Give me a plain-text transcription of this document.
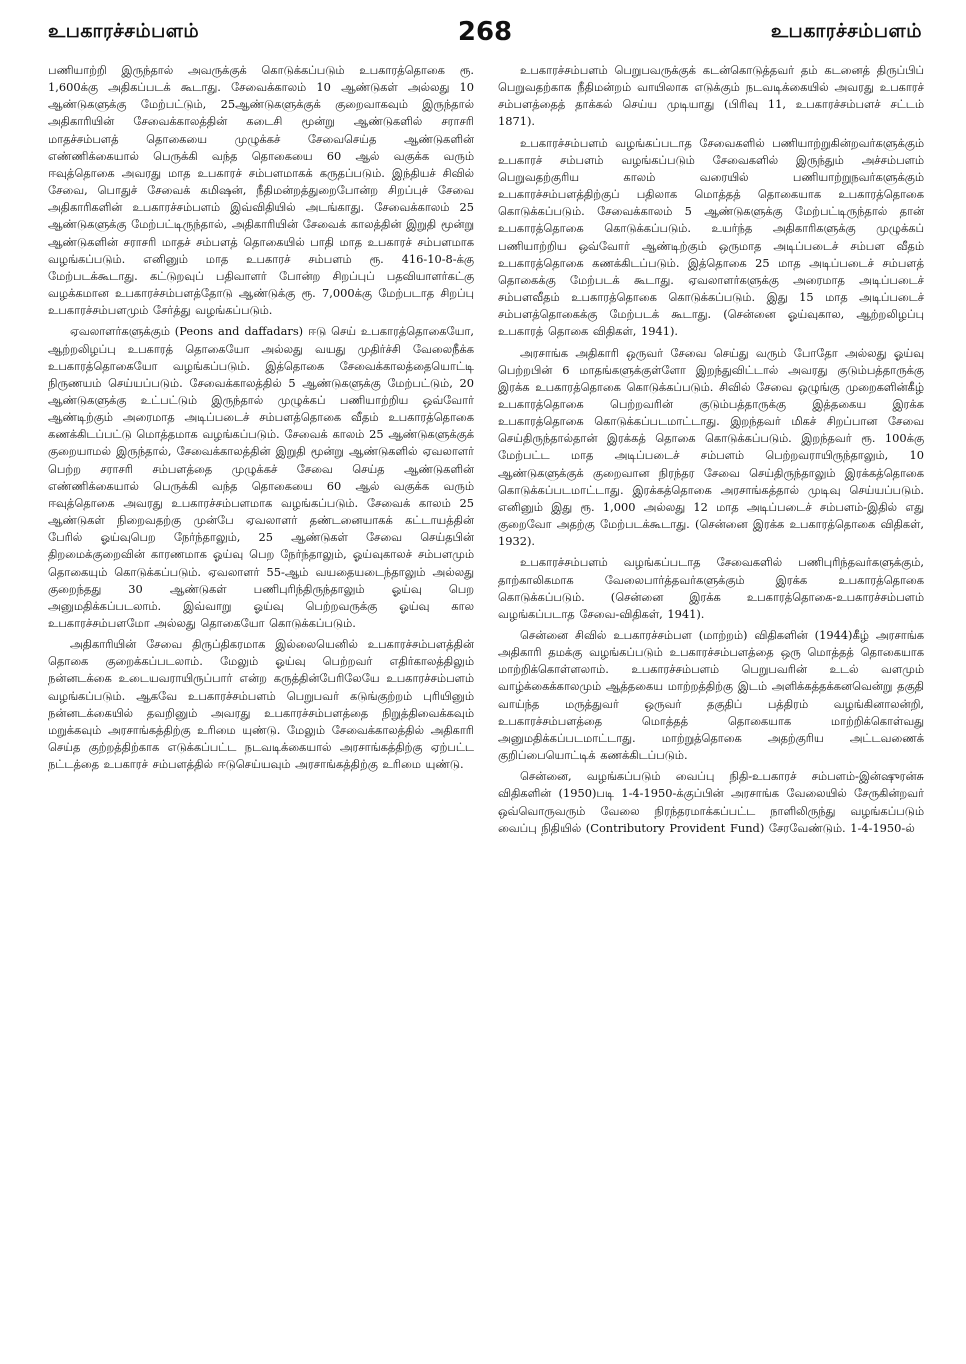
உபகாரச்சம்பளம்	268	உபகாரச்சம்பளம்

பணியாற்றி இருந்தால் அவருக்குக் கொடுக்கப்படும் உபகாரத்தொகை ரூ. 1,600க்கு அதிகப்படக் கூடாது. சேவைக்காலம் 10 ஆண்டுகள் அல்லது 10 ஆண்டுகளுக்கு மேற்பட்டும், 25ஆண்டுகளுக்குக் குறைவாகவும் இருந்தால் அதிகாரியின் சேவைக்காலத்தின் கடைசி மூன்று ஆண்டுகளில் சராசரி மாதச்சம்பளத் தொகையை முழுக்கச் சேவைசெய்த ஆண்டுகளின் எண்ணிக்கையால் பெருக்கி வந்த தொகையை 60 ஆல் வகுக்க வரும் ஈவுத்தொகை அவரது மாத உபகாரச் சம்பளமாகக் கருதப்படும். இந்தியச் சிவில் சேவை, பொதுச் சேவைக் கமிஷன், நீதிமன்றத்துறைபோன்ற சிறப்புச் சேவை அதிகாரிகளின் உபகாரச்சம்பளம் இவ்விதியில் அடங்காது. சேவைக்காலம் 25 ஆண்டுகளுக்கு மேற்பட்டிருந்தால், அதிகாரியின் சேவைக் காலத்தின் இறுதி மூன்று ஆண்டுகளின் சராசரி மாதச் சம்பளத் தொகையில் பாதி மாத உபகாரச் சம்பளமாக வழங்கப்படும். எனினும் மாத உபகாரச் சம்பளம் ரூ. 416-10-8-க்கு மேற்படக்கூடாது. கட்டுறவுப் பதிவாளர் போன்ற சிறப்புப் பதவியாளர்கட்கு வழக்கமான உபகாரச்சம்பளத்தோடு ஆண்டுக்கு ரூ. 7,000க்கு மேற்படாத சிறப்பு உபகாரச்சம்பளமும் சேர்த்து வழங்கப்படும்.

ஏவலாளர்களுக்கும் (Peons and daffadars) ஈடு செய் உபகாரத்தொகையோ, ஆற்றலிழப்பு உபகாரத் தொகையோ அல்லது வயது முதிர்ச்சி வேலைநீக்க உபகாரத்தொகையோ வழங்கப்படும். இத்தொகை சேவைக்காலத்தையொட்டி நிருணயம் செய்யப்படும். சேவைக்காலத்தில் 5 ஆண்டுகளுக்கு மேற்பட்டும், 20 ஆண்டுகளுக்கு உட்பட்டும் இருந்தால் முழுக்கப் பணியாற்றிய ஒவ்வோர் ஆண்டிற்கும் அரைமாத அடிப்படைச் சம்பளத்தொகை வீதம் உபகாரத்தொகை கணக்கிடப்பட்டு மொத்தமாக வழங்கப்படும். சேவைக் காலம் 25 ஆண்டுகளுக்குக் குறையாமல் இருந்தால், சேவைக்காலத்தின் இறுதி மூன்று ஆண்டுகளில் ஏவலாளர் பெற்ற சராசரி சம்பளத்தை முழுக்கச் சேவை செய்த ஆண்டுகளின் எண்ணிக்கையால் பெருக்கி வந்த தொகையை 60 ஆல் வகுக்க வரும் ஈவுத்தொகை அவரது உபகாரச்சம்பளமாக வழங்கப்படும். சேவைக் காலம் 25 ஆண்டுகள் நிறைவதற்கு முன்பே ஏவலாளர் தண்டனையாகக் கட்டாயத்தின் பேரில் ஓய்வுபெற நேர்ந்தாலும், 25 ஆண்டுகள் சேவை செய்தபின் திறமைக்குறைவின் காரணமாக ஓய்வு பெற நேர்ந்தாலும், ஓய்வுகாலச் சம்பளமும் தொகையும் கொடுக்கப்படும். ஏவலாளர் 55-ஆம் வயதையடைந்தாலும் அல்லது குறைந்தது 30 ஆண்டுகள் பணிபுரிந்திருந்தாலும் ஓய்வு பெற அனுமதிக்கப்படலாம். இவ்வாறு ஓய்வு பெற்றவருக்கு ஓய்வு கால உபகாரச்சம்பளமோ அல்லது தொகையோ கொடுக்கப்படும்.

அதிகாரியின் சேவை திருப்திகரமாக இல்லையெனில் உபகாரச்சம்பளத்தின் தொகை குறைக்கப்படலாம். மேலும் ஓய்வு பெற்றவர் எதிர்காலத்திலும் நன்னடக்கை உடையவராயிருப்பார் என்ற கருத்தின்பேரிலேயே உபகாரச்சம்பளம் வழங்கப்படும். ஆகவே உபகாரச்சம்பளம் பெறுபவர் கடுங்குற்றம் புரியினும் நன்னடக்கையில் தவறினும் அவரது உபகாரச்சம்பளத்தை நிறுத்திவைக்கவும் மறுக்கவும் அரசாங்கத்திற்கு உரிமை யுண்டு. மேலும் சேவைக்காலத்தில் அதிகாரி செய்த குற்றத்திற்காக எடுக்கப்பட்ட நடவடிக்கையால் அரசாங்கத்திற்கு ஏற்பட்ட நட்டத்தை உபகாரச் சம்பளத்தில் ஈடுசெய்யவும் அரசாங்கத்திற்கு உரிமை யுண்டு.

உபகாரச்சம்பளம் பெறுபவருக்குக் கடன்கொடுத்தவர் தம் கடனைத் திருப்பிப் பெறுவதற்காக நீதிமன்றம் வாயிலாக எடுக்கும் நடவடிக்கையில் அவரது உபகாரச் சம்பளத்தைத் தாக்கல் செய்ய முடியாது (பிரிவு 11, உபகாரச்சம்பளச் சட்டம் 1871).

உபகாரச்சம்பளம் வழங்கப்படாத சேவைகளில் பணியாற்றுகின்றவர்களுக்கும் உபகாரச் சம்பளம் வழங்கப்படும் சேவைகளில் இருந்தும் அச்சம்பளம் பெறுவதற்குரிய காலம் வரையில் பணியாற்றுநவர்களுக்கும் உபகாரச்சம்பளத்திற்குப் பதிலாக மொத்தத் தொகையாக உபகாரத்தொகை கொடுக்கப்படும். சேவைக்காலம் 5 ஆண்டுகளுக்கு மேற்பட்டிருந்தால் தான் உபகாரத்தொகை கொடுக்கப்படும். உயர்ந்த அதிகாரிகளுக்கு முழுக்கப் பணியாற்றிய ஒவ்வோர் ஆண்டிற்கும் ஒருமாத அடிப்படைச் சம்பள வீதம் உபகாரத்தொகை கணக்கிடப்படும். இத்தொகை 25 மாத அடிப்படைச் சம்பளத் தொகைக்கு மேற்படக் கூடாது. ஏவலாளர்களுக்கு அரைமாத அடிப்படைச் சம்பளவீதம் உபகாரத்தொகை கொடுக்கப்படும். இது 15 மாத அடிப்படைச் சம்பளத்தொகைக்கு மேற்படக் கூடாது. (சென்னை ஓய்வுகால, ஆற்றலிழப்பு உபகாரத் தொகை விதிகள், 1941).

அரசாங்க அதிகாரி ஒருவர் சேவை செய்து வரும் போதோ அல்லது ஓய்வு பெற்றபின் 6 மாதங்களுக்குள்ளோ இறந்துவிட்டால் அவரது குடும்பத்தாருக்கு இரக்க உபகாரத்தொகை கொடுக்கப்படும். சிவில் சேவை ஒழுங்கு முறைகளின்கீழ் உபகாரத்தொகை பெற்றவரின் குடும்பத்தாருக்கு இத்தகைய இரக்க உபகாரத்தொகை கொடுக்கப்படமாட்டாது. இறந்தவர் மிகச் சிறப்பான சேவை செய்திருந்தால்தான் இரக்கத் தொகை கொடுக்கப்படும். இறந்தவர் ரூ. 100க்கு மேற்பட்ட மாத அடிப்படைச் சம்பளம் பெற்றவராயிருந்தாலும், 10 ஆண்டுகளுக்குக் குறைவான நிரந்தர சேவை செய்திருந்தாலும் இரக்கத்தொகை கொடுக்கப்படமாட்டாது. இரக்கத்தொகை அரசாங்கத்தால் முடிவு செய்யப்படும். எனினும் இது ரூ. 1,000 அல்லது 12 மாத அடிப்படைச் சம்பளம்-இதில் எது குறைவோ அதற்கு மேற்படக்கூடாது. (சென்னை இரக்க உபகாரத்தொகை விதிகள், 1932).

உபகாரச்சம்பளம் வழங்கப்படாத சேவைகளில் பணிபுரிந்தவர்களுக்கும், தாற்காலிகமாக வேலைபார்த்தவர்களுக்கும் இரக்க உபகாரத்தொகை கொடுக்கப்படும். (சென்னை இரக்க உபகாரத்தொகை-உபகாரச்சம்பளம் வழங்கப்படாத சேவை-விதிகள், 1941).

சென்னை சிவில் உபகாரச்சம்பள (மாற்றம்) விதிகளின் (1944)கீழ் அரசாங்க அதிகாரி தமக்கு வழங்கப்படும் உபகாரச்சம்பளத்தை ஒரு மொத்தத் தொகையாக மாற்றிக்கொள்ளலாம். உபகாரச்சம்பளம் பெறுபவரின் உடல் வளமும் வாழ்க்கைக்காலமும் ஆத்தகைய மாற்றத்திற்கு இடம் அளிக்கத்தக்கனவென்று தகுதி வாய்ந்த மருத்துவர் ஒருவர் தகுதிப் பத்திரம் வழங்கினாலன்றி, உபகாரச்சம்பளத்தை மொத்தத் தொகையாக மாற்றிக்கொள்வது அனுமதிக்கப்படமாட்டாது. மாற்றுத்தொகை அதற்குரிய அட்டவணைக் குறிப்பையொட்டிக் கணக்கிடப்படும்.

சென்னை, வழங்கப்படும் வைப்பு நிதி-உபகாரச் சம்பளம்-இன்ஷுரன்சு விதிகளின் (1950)படி 1-4-1950-க்குப்பின் அரசாங்க வேலையில் சேருகின்றவர் ஒவ்வொருவரும் வேலை நிரந்தரமாக்கப்பட்ட நாளிலிருந்து வழங்கப்படும் வைப்பு நிதியில் (Contributory Provident Fund) சேரவேண்டும். 1-4-1950-ல்
